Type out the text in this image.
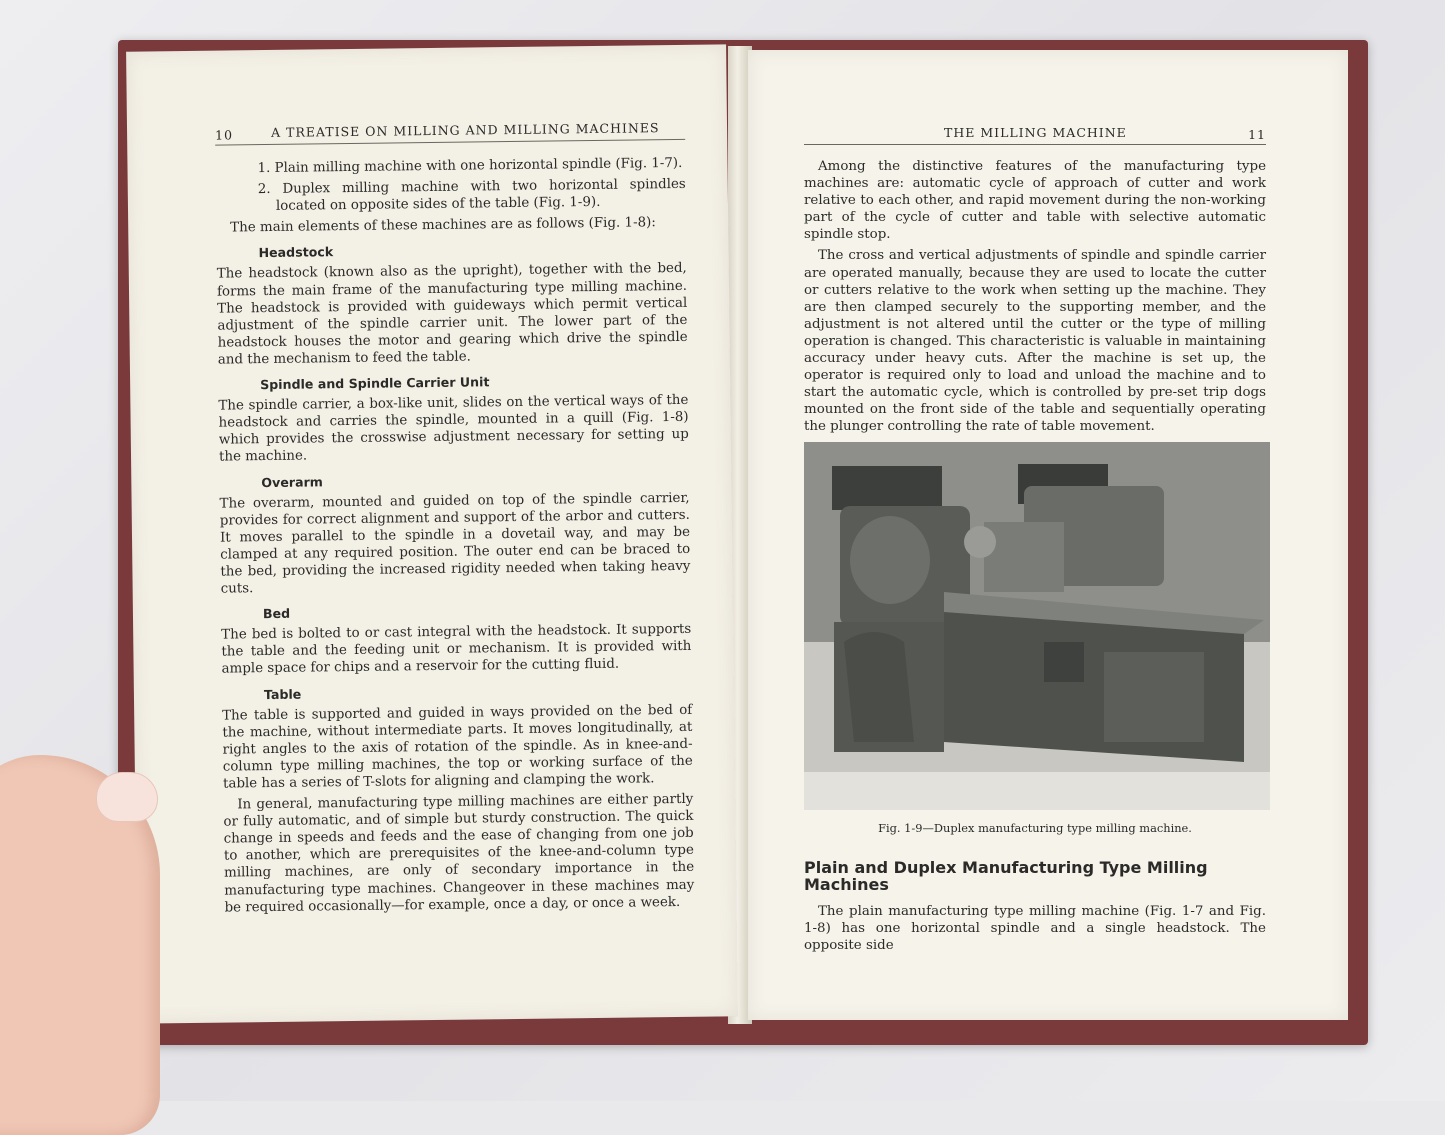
10	A TREATISE ON MILLING AND MILLING MACHINES

1. Plain milling machine with one horizontal spindle (Fig. 1-7).

2. Duplex milling machine with two horizontal spindles located on opposite sides of the table (Fig. 1-9).

The main elements of these machines are as follows (Fig. 1-8):

Headstock

The headstock (known also as the upright), together with the bed, forms the main frame of the manufacturing type milling machine. The headstock is provided with guideways which permit vertical adjustment of the spindle carrier unit. The lower part of the headstock houses the motor and gearing which drive the spindle and the mechanism to feed the table.

Spindle and Spindle Carrier Unit

The spindle carrier, a box-like unit, slides on the vertical ways of the headstock and carries the spindle, mounted in a quill (Fig. 1-8) which provides the crosswise adjustment necessary for setting up the machine.

Overarm

The overarm, mounted and guided on top of the spindle carrier, provides for correct alignment and support of the arbor and cutters. It moves parallel to the spindle in a dovetail way, and may be clamped at any required position. The outer end can be braced to the bed, providing the increased rigidity needed when taking heavy cuts.

Bed

The bed is bolted to or cast integral with the headstock. It supports the table and the feeding unit or mechanism. It is provided with ample space for chips and a reservoir for the cutting fluid.

Table

The table is supported and guided in ways provided on the bed of the machine, without intermediate parts. It moves longitudinally, at right angles to the axis of rotation of the spindle. As in knee-and-column type milling machines, the top or working surface of the table has a series of T-slots for aligning and clamping the work.

In general, manufacturing type milling machines are either partly or fully automatic, and of simple but sturdy construction. The quick change in speeds and feeds and the ease of changing from one job to another, which are prerequisites of the knee-and-column type milling machines, are only of secondary importance in the manufacturing type machines. Changeover in these machines may be required occasionally—for example, once a day, or once a week.

THE MILLING MACHINE	11

Among the distinctive features of the manufacturing type machines are: automatic cycle of approach of cutter and work relative to each other, and rapid movement during the non-working part of the cycle of cutter and table with selective automatic spindle stop.

The cross and vertical adjustments of spindle and spindle carrier are operated manually, because they are used to locate the cutter or cutters relative to the work when setting up the machine. They are then clamped securely to the supporting member, and the adjustment is not altered until the cutter or the type of milling operation is changed. This characteristic is valuable in maintaining accuracy under heavy cuts. After the machine is set up, the operator is required only to load and unload the machine and to start the automatic cycle, which is controlled by pre-set trip dogs mounted on the front side of the table and sequentially operating the plunger controlling the rate of table movement.

Fig. 1-9—Duplex manufacturing type milling machine.
Plain and Duplex Manufacturing Type Milling Machines

The plain manufacturing type milling machine (Fig. 1-7 and Fig. 1-8) has one horizontal spindle and a single headstock. The opposite side
